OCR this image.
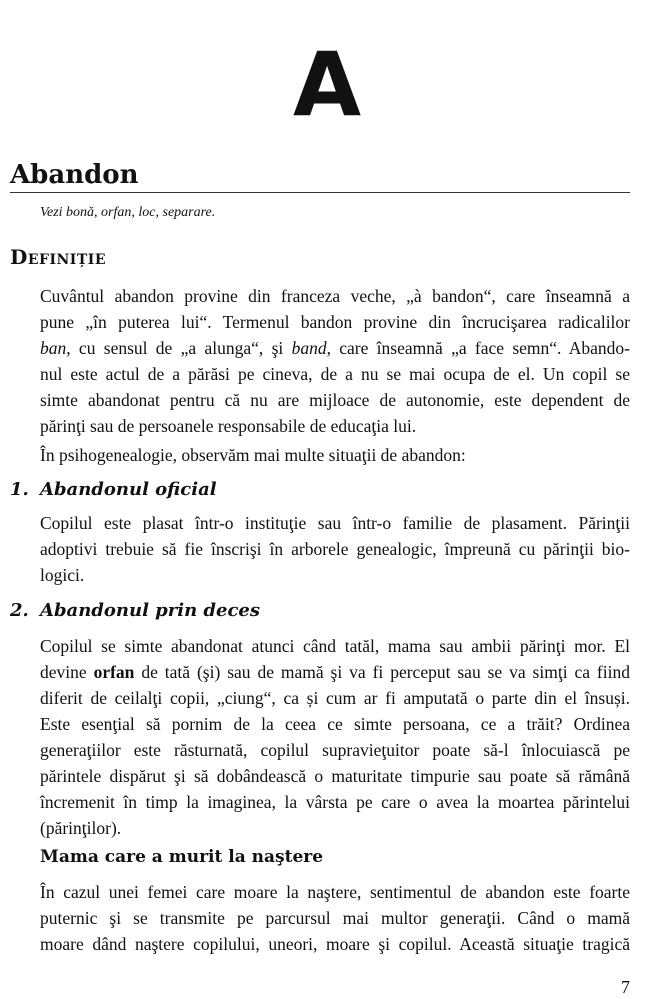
A
Abandon
Vezi bonă, orfan, loc, separare.
Definiție
Cuvântul abandon provine din franceza veche, „à bandon“, care înseamnă a
pune „în puterea lui“. Termenul bandon provine din încrucişarea radicalilor
ban, cu sensul de „a alunga“, şi band, care înseamnă „a face semn“. Abando-
nul este actul de a părăsi pe cineva, de a nu se mai ocupa de el. Un copil se
simte abandonat pentru că nu are mijloace de autonomie, este dependent de
părinţi sau de persoanele responsabile de educaţia lui.
În psihogenealogie, observăm mai multe situaţii de abandon:
1. Abandonul oficial
Copilul este plasat într-o instituţie sau într-o familie de plasament. Părinţii
adoptivi trebuie să fie înscrişi în arborele genealogic, împreună cu părinţii bio-
logici.
2. Abandonul prin deces
Copilul se simte abandonat atunci când tatăl, mama sau ambii părinţi mor. El
devine orfan de tată (şi) sau de mamă şi va fi perceput sau se va simţi ca fiind
diferit de ceilalţi copii, „ciung“, ca și cum ar fi amputată o parte din el însuși.
Este esenţial să pornim de la ceea ce simte persoana, ce a trăit? Ordinea
generaţiilor este răsturnată, copilul supravieţuitor poate să-l înlocuiască pe
părintele dispărut şi să dobândească o maturitate timpurie sau poate să rămână
încremenit în timp la imaginea, la vârsta pe care o avea la moartea părintelui
(părinţilor).
Mama care a murit la naştere
În cazul unei femei care moare la naştere, sentimentul de abandon este foarte
puternic şi se transmite pe parcursul mai multor generaţii. Când o mamă
moare dând naştere copilului, uneori, moare şi copilul. Această situaţie tragică
7
